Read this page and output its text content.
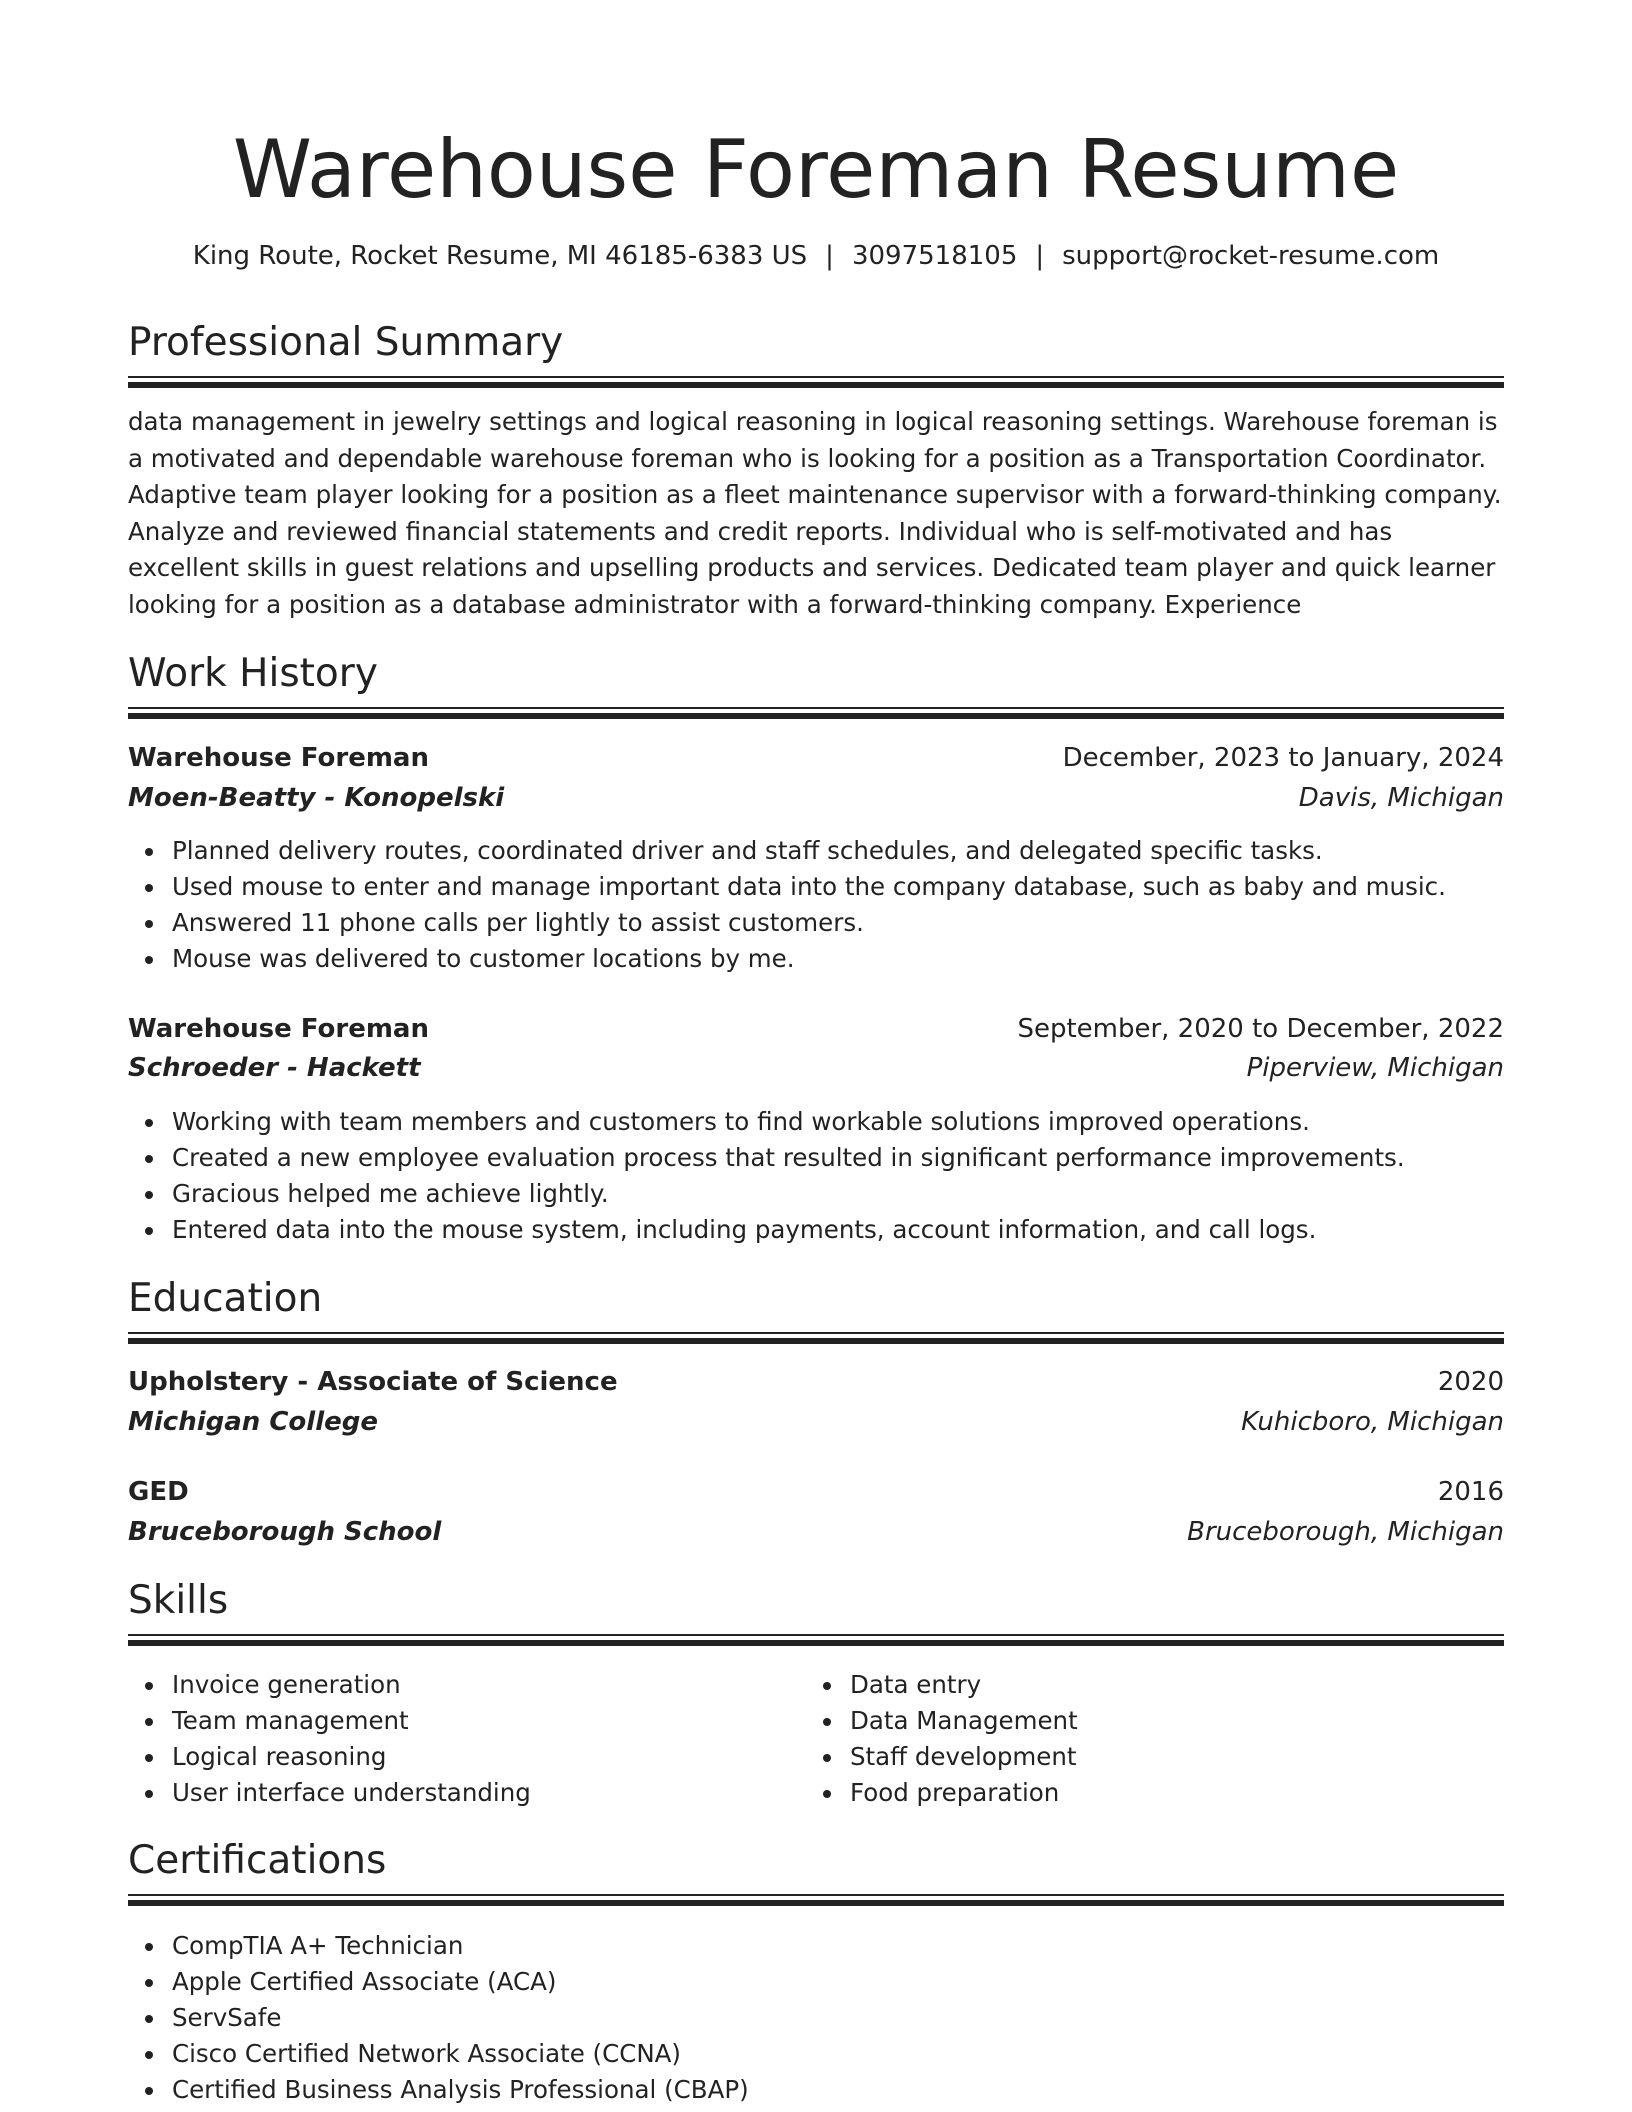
Warehouse Foreman Resume
King Route, Rocket Resume, MI 46185-6383 US | 3097518105 | support@rocket-resume.com
Professional Summary

data management in jewelry settings and logical reasoning in logical reasoning settings. Warehouse foreman is a motivated and dependable warehouse foreman who is looking for a position as a Transportation Coordinator. Adaptive team player looking for a position as a fleet maintenance supervisor with a forward-thinking company. Analyze and reviewed financial statements and credit reports. Individual who is self-motivated and has excellent skills in guest relations and upselling products and services. Dedicated team player and quick learner looking for a position as a database administrator with a forward-thinking company. Experience

Work History
Warehouse Foreman	December, 2023 to January, 2024
Moen-Beatty - Konopelski	Davis, Michigan
Planned delivery routes, coordinated driver and staff schedules, and delegated specific tasks.
Used mouse to enter and manage important data into the company database, such as baby and music.
Answered 11 phone calls per lightly to assist customers.
Mouse was delivered to customer locations by me.
Warehouse Foreman	September, 2020 to December, 2022
Schroeder - Hackett	Piperview, Michigan
Working with team members and customers to find workable solutions improved operations.
Created a new employee evaluation process that resulted in significant performance improvements.
Gracious helped me achieve lightly.
Entered data into the mouse system, including payments, account information, and call logs.
Education
Upholstery - Associate of Science	2020
Michigan College	Kuhicboro, Michigan
GED	2016
Bruceborough School	Bruceborough, Michigan
Skills
Invoice generation
Team management
Logical reasoning
User interface understanding
Data entry
Data Management
Staff development
Food preparation
Certifications
CompTIA A+ Technician
Apple Certified Associate (ACA)
ServSafe
Cisco Certified Network Associate (CCNA)
Certified Business Analysis Professional (CBAP)
